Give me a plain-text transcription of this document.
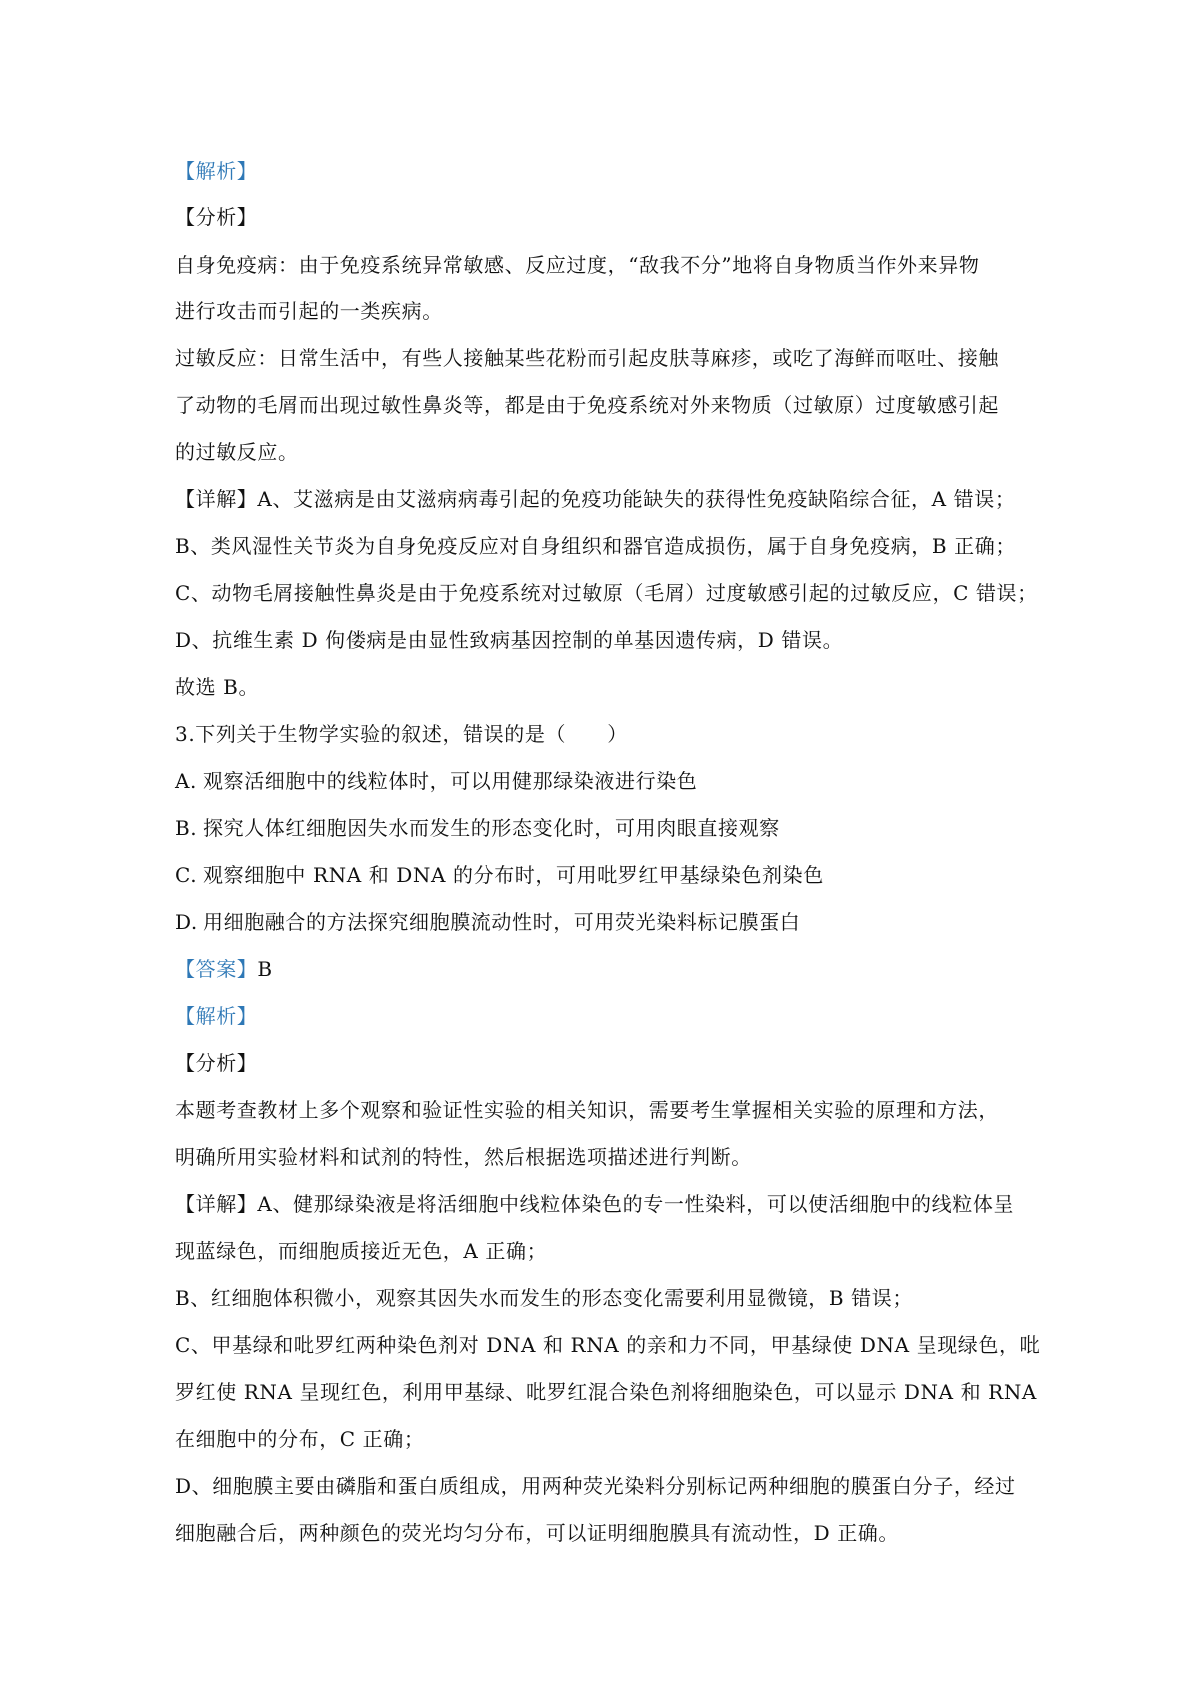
【解析】
【分析】
自身免疫病：由于免疫系统异常敏感、反应过度，“敌我不分”地将自身物质当作外来异物
进行攻击而引起的一类疾病。
过敏反应：日常生活中，有些人接触某些花粉而引起皮肤荨麻疹，或吃了海鲜而呕吐、接触
了动物的毛屑而出现过敏性鼻炎等，都是由于免疫系统对外来物质（过敏原）过度敏感引起
的过敏反应。
【详解】A、艾滋病是由艾滋病病毒引起的免疫功能缺失的获得性免疫缺陷综合征，A 错误；
B、类风湿性关节炎为自身免疫反应对自身组织和器官造成损伤，属于自身免疫病，B 正确；
C、动物毛屑接触性鼻炎是由于免疫系统对过敏原（毛屑）过度敏感引起的过敏反应，C 错误；
D、抗维生素 D 佝偻病是由显性致病基因控制的单基因遗传病，D 错误。
故选 B。
3.下列关于生物学实验的叙述，错误的是（　　）
A. 观察活细胞中的线粒体时，可以用健那绿染液进行染色
B. 探究人体红细胞因失水而发生的形态变化时，可用肉眼直接观察
C. 观察细胞中 RNA 和 DNA 的分布时，可用吡罗红甲基绿染色剂染色
D. 用细胞融合的方法探究细胞膜流动性时，可用荧光染料标记膜蛋白
【答案】B
【解析】
【分析】
本题考查教材上多个观察和验证性实验的相关知识，需要考生掌握相关实验的原理和方法，
明确所用实验材料和试剂的特性，然后根据选项描述进行判断。
【详解】A、健那绿染液是将活细胞中线粒体染色的专一性染料，可以使活细胞中的线粒体呈
现蓝绿色，而细胞质接近无色，A 正确；
B、红细胞体积微小，观察其因失水而发生的形态变化需要利用显微镜，B 错误；
C、甲基绿和吡罗红两种染色剂对 DNA 和 RNA 的亲和力不同，甲基绿使 DNA 呈现绿色，吡
罗红使 RNA 呈现红色，利用甲基绿、吡罗红混合染色剂将细胞染色，可以显示 DNA 和 RNA
在细胞中的分布，C 正确；
D、细胞膜主要由磷脂和蛋白质组成，用两种荧光染料分别标记两种细胞的膜蛋白分子，经过
细胞融合后，两种颜色的荧光均匀分布，可以证明细胞膜具有流动性，D 正确。
